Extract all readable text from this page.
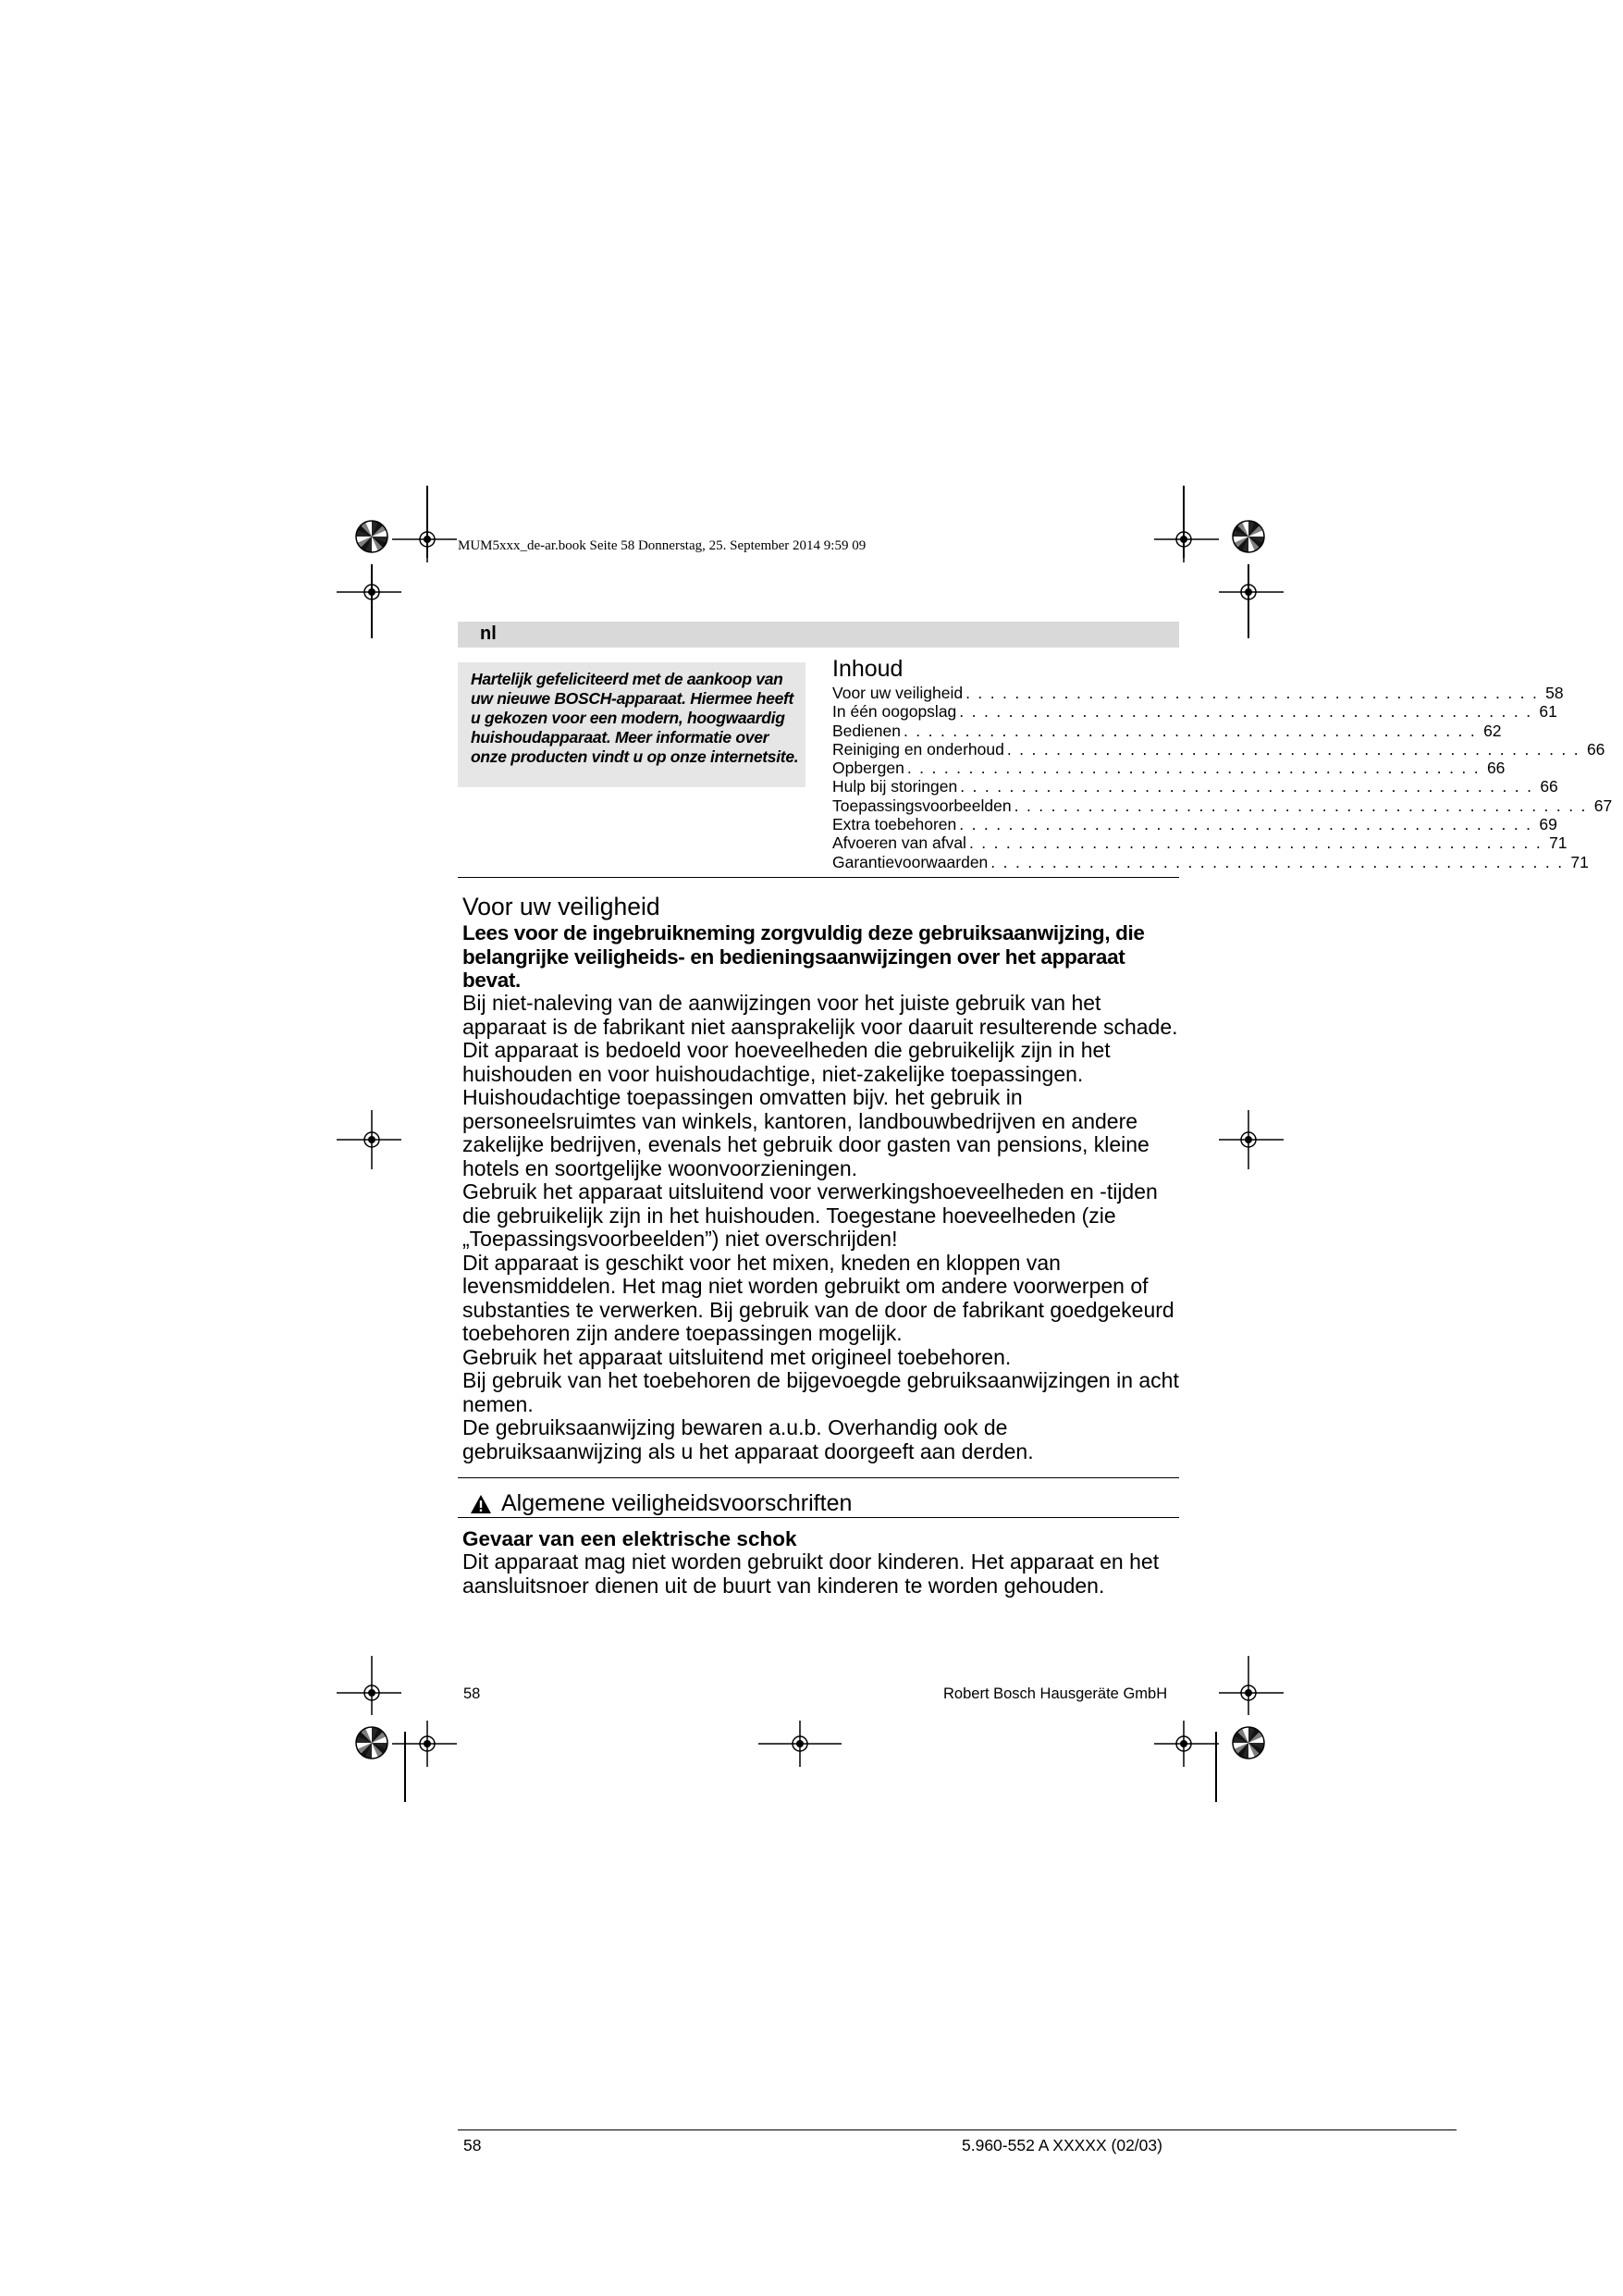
MUM5xxx_de-ar.book Seite 58 Donnerstag, 25. September 2014 9:59 09
nl
Hartelijk gefeliciteerd met de aankoop van uw nieuwe BOSCH-apparaat. Hiermee heeft u gekozen voor een modern, hoogwaardig huishoudapparaat. Meer informatie over onze producten vindt u op onze internetsite.
Inhoud
Voor uw veiligheid . . . . . . . . . . . . . . . . . . . . . . . . . . . . . . . . . . . . . . . . . . . . . . . 58
In één oogopslag . . . . . . . . . . . . . . . . . . . . . . . . . . . . . . . . . . . . . . . . . . . . . . . 61
Bedienen . . . . . . . . . . . . . . . . . . . . . . . . . . . . . . . . . . . . . . . . . . . . . . . 62
Reiniging en onderhoud . . . . . . . . . . . . . . . . . . . . . . . . . . . . . . . . . . . . . . . . . . . . . . . 66
Opbergen . . . . . . . . . . . . . . . . . . . . . . . . . . . . . . . . . . . . . . . . . . . . . . . 66
Hulp bij storingen . . . . . . . . . . . . . . . . . . . . . . . . . . . . . . . . . . . . . . . . . . . . . . . 66
Toepassingsvoorbeelden . . . . . . . . . . . . . . . . . . . . . . . . . . . . . . . . . . . . . . . . . . . . . . . 67
Extra toebehoren . . . . . . . . . . . . . . . . . . . . . . . . . . . . . . . . . . . . . . . . . . . . . . . 69
Afvoeren van afval . . . . . . . . . . . . . . . . . . . . . . . . . . . . . . . . . . . . . . . . . . . . . . . 71
Garantievoorwaarden . . . . . . . . . . . . . . . . . . . . . . . . . . . . . . . . . . . . . . . . . . . . . . . 71
Voor uw veiligheid
Lees voor de ingebruikneming zorgvuldig deze gebruiksaanwijzing, die belangrijke veiligheids- en bedieningsaanwijzingen over het apparaat bevat.

Bij niet-naleving van de aanwijzingen voor het juiste gebruik van het apparaat is de fabrikant niet aansprakelijk voor daaruit resulterende schade.

Dit apparaat is bedoeld voor hoeveelheden die gebruikelijk zijn in het huishouden en voor huishoudachtige, niet-zakelijke toepassingen. Huishoudachtige toepassingen omvatten bijv. het gebruik in personeelsruimtes van winkels, kantoren, landbouwbedrijven en andere zakelijke bedrijven, evenals het gebruik door gasten van pensions, kleine hotels en soortgelijke woonvoorzieningen.

Gebruik het apparaat uitsluitend voor verwerkingshoeveelheden en -tijden die gebruikelijk zijn in het huishouden. Toegestane hoeveelheden (zie „Toepassingsvoorbeelden”) niet overschrijden!

Dit apparaat is geschikt voor het mixen, kneden en kloppen van levensmiddelen. Het mag niet worden gebruikt om andere voorwerpen of substanties te verwerken. Bij gebruik van de door de fabrikant goedgekeurd toebehoren zijn andere toepassingen mogelijk.

Gebruik het apparaat uitsluitend met origineel toebehoren.

Bij gebruik van het toebehoren de bijgevoegde gebruiksaanwijzingen in acht nemen.

De gebruiksaanwijzing bewaren a.u.b. Overhandig ook de gebruiksaanwijzing als u het apparaat doorgeeft aan derden.

Algemene veiligheidsvoorschriften
Gevaar van een elektrische schok
Dit apparaat mag niet worden gebruikt door kinderen. Het apparaat en het aansluitsnoer dienen uit de buurt van kinderen te worden gehouden.
58	Robert Bosch Hausgeräte GmbH
58	5.960-552 A XXXXX (02/03)
